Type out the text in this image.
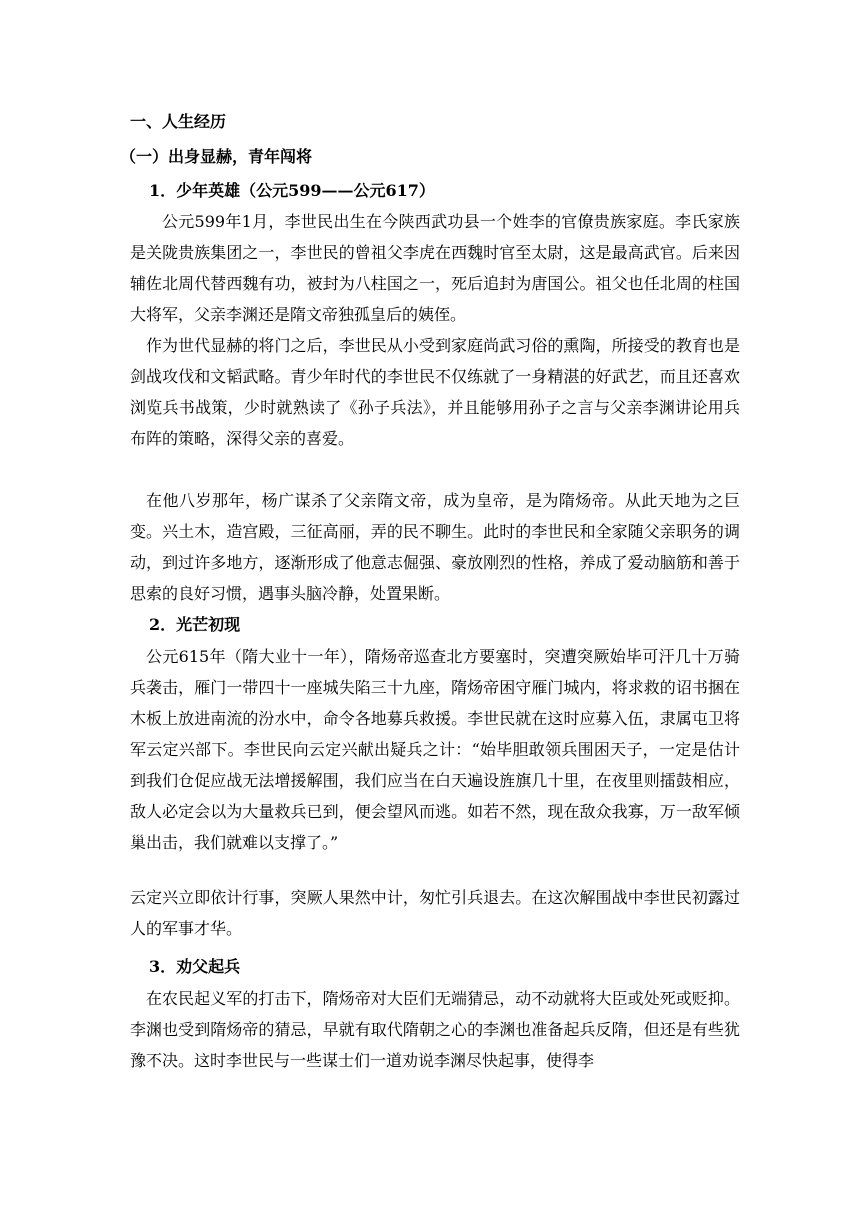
一、人生经历
（一）出身显赫，青年闯将
1．少年英雄（公元599——公元617）
公元599年1月，李世民出生在今陕西武功县一个姓李的官僚贵族家庭。李氏家族是关陇贵族集团之一，李世民的曾祖父李虎在西魏时官至太尉，这是最高武官。后来因辅佐北周代替西魏有功，被封为八柱国之一，死后追封为唐国公。祖父也任北周的柱国大将军，父亲李渊还是隋文帝独孤皇后的姨侄。
作为世代显赫的将门之后，李世民从小受到家庭尚武习俗的熏陶，所接受的教育也是剑战攻伐和文韬武略。青少年时代的李世民不仅练就了一身精湛的好武艺，而且还喜欢浏览兵书战策，少时就熟读了《孙子兵法》，并且能够用孙子之言与父亲李渊讲论用兵布阵的策略，深得父亲的喜爱。
在他八岁那年，杨广谋杀了父亲隋文帝，成为皇帝，是为隋炀帝。从此天地为之巨变。兴土木，造宫殿，三征高丽，弄的民不聊生。此时的李世民和全家随父亲职务的调动，到过许多地方，逐渐形成了他意志倔强、豪放刚烈的性格，养成了爱动脑筋和善于思索的良好习惯，遇事头脑冷静，处置果断。
2．光芒初现
公元615年（隋大业十一年），隋炀帝巡查北方要塞时，突遭突厥始毕可汗几十万骑兵袭击，雁门一带四十一座城失陷三十九座，隋炀帝困守雁门城内，将求救的诏书捆在木板上放进南流的汾水中，命令各地募兵救援。李世民就在这时应募入伍，隶属屯卫将军云定兴部下。李世民向云定兴献出疑兵之计：“始毕胆敢领兵围困天子，一定是估计到我们仓促应战无法增援解围，我们应当在白天遍设旌旗几十里，在夜里则擂鼓相应，敌人必定会以为大量救兵已到，便会望风而逃。如若不然，现在敌众我寡，万一敌军倾巢出击，我们就难以支撑了。”
云定兴立即依计行事，突厥人果然中计，匆忙引兵退去。在这次解围战中李世民初露过人的军事才华。
3．劝父起兵
在农民起义军的打击下，隋炀帝对大臣们无端猜忌，动不动就将大臣或处死或贬抑。李渊也受到隋炀帝的猜忌，早就有取代隋朝之心的李渊也准备起兵反隋，但还是有些犹豫不决。这时李世民与一些谋士们一道劝说李渊尽快起事，使得李
